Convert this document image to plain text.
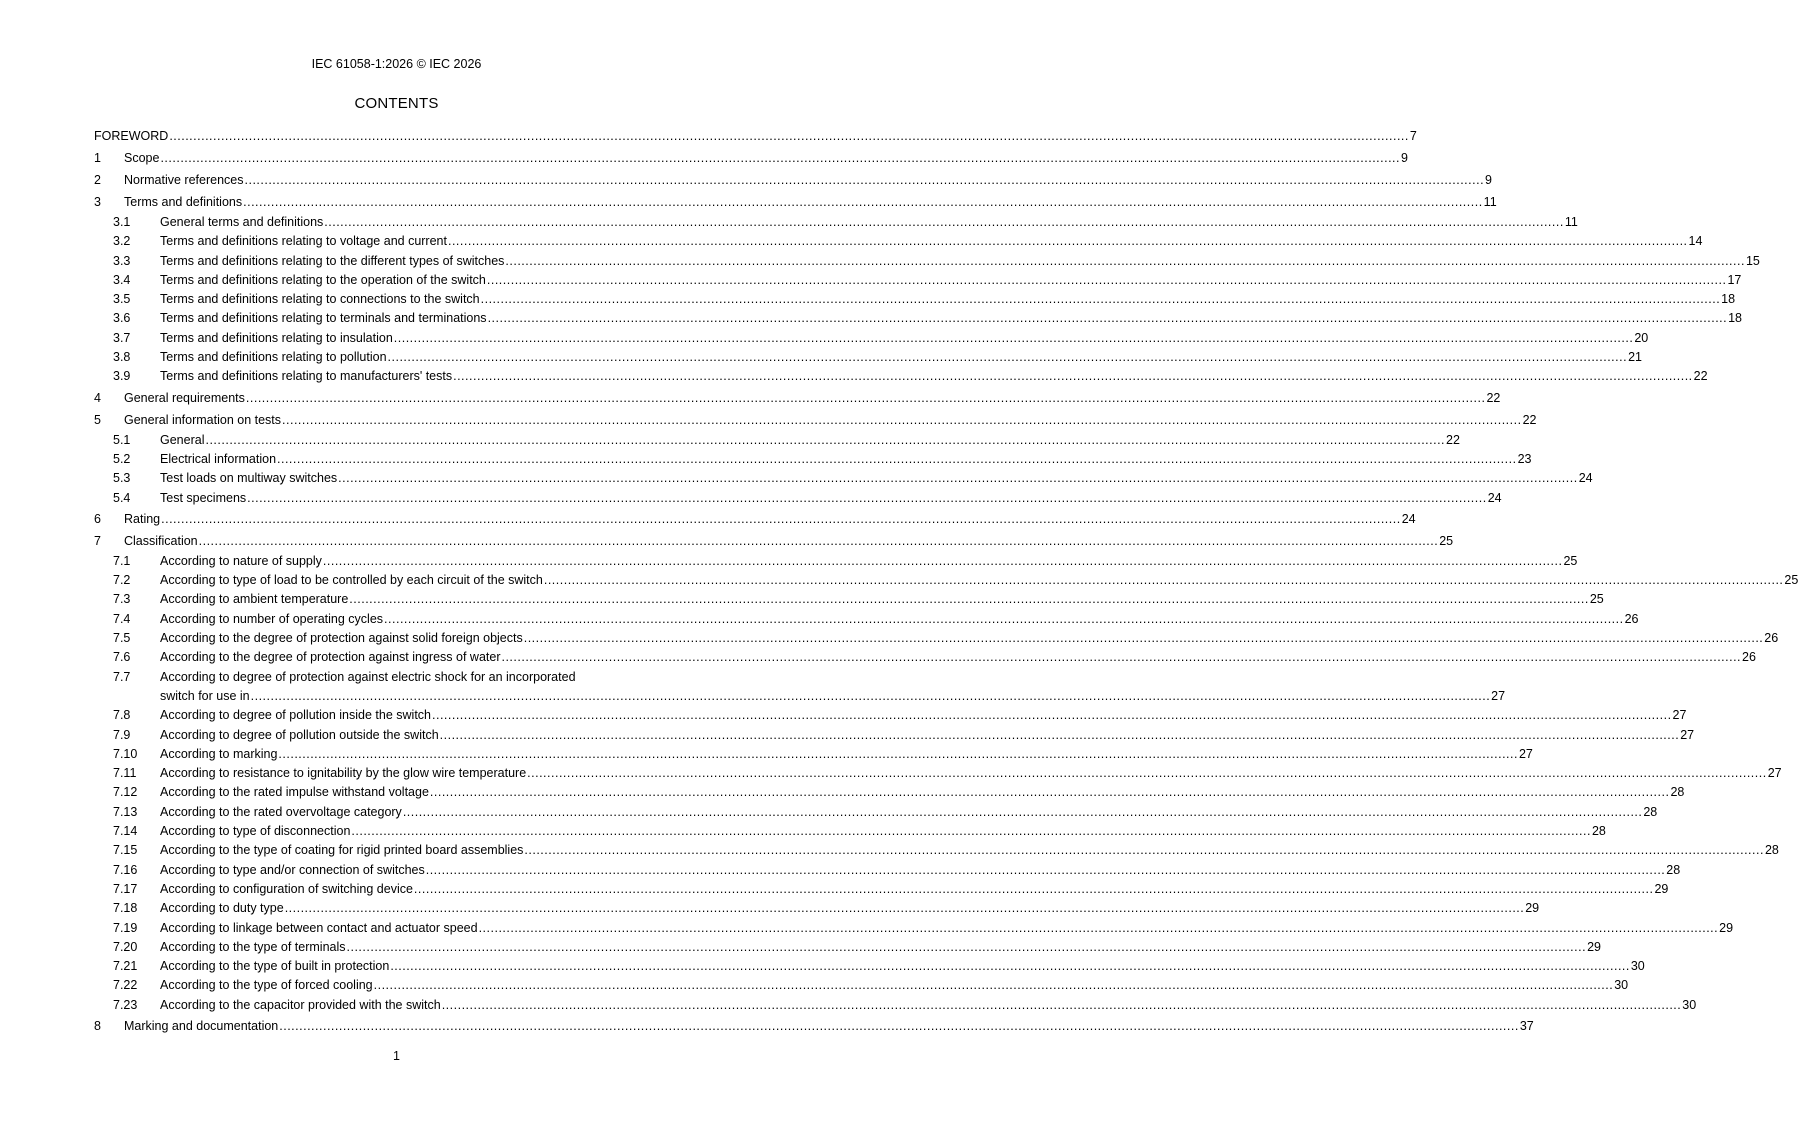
IEC 61058-1:2026 © IEC 2026
CONTENTS
FOREWORD .....	7
1	Scope .....	9
2	Normative references .....	9
3	Terms and definitions .....	11
3.1	General terms and definitions .....	11
3.2	Terms and definitions relating to voltage and current .....	14
3.3	Terms and definitions relating to the different types of switches .....	15
3.4	Terms and definitions relating to the operation of the switch .....	17
3.5	Terms and definitions relating to connections to the switch .....	18
3.6	Terms and definitions relating to terminals and terminations .....	18
3.7	Terms and definitions relating to insulation .....	20
3.8	Terms and definitions relating to pollution .....	21
3.9	Terms and definitions relating to manufacturers' tests .....	22
4	General requirements .....	22
5	General information on tests .....	22
5.1	General .....	22
5.2	Electrical information .....	23
5.3	Test loads on multiway switches .....	24
5.4	Test specimens .....	24
6	Rating .....	24
7	Classification .....	25
7.1	According to nature of supply .....	25
7.2	According to type of load to be controlled by each circuit of the switch .....	25
7.3	According to ambient temperature .....	25
7.4	According to number of operating cycles .....	26
7.5	According to the degree of protection against solid foreign objects .....	26
7.6	According to the degree of protection against ingress of water .....	26
7.7	According to degree of protection against electric shock for an incorporated
switch for use in .....	27
7.8	According to degree of pollution inside the switch .....	27
7.9	According to degree of pollution outside the switch .....	27
7.10	According to marking .....	27
7.11	According to resistance to ignitability by the glow wire temperature .....	27
7.12	According to the rated impulse withstand voltage .....	28
7.13	According to the rated overvoltage category .....	28
7.14	According to type of disconnection .....	28
7.15	According to the type of coating for rigid printed board assemblies .....	28
7.16	According to type and/or connection of switches .....	28
7.17	According to configuration of switching device .....	29
7.18	According to duty type .....	29
7.19	According to linkage between contact and actuator speed .....	29
7.20	According to the type of terminals .....	29
7.21	According to the type of built in protection .....	30
7.22	According to the type of forced cooling .....	30
7.23	According to the capacitor provided with the switch .....	30
8	Marking and documentation .....	37
1
